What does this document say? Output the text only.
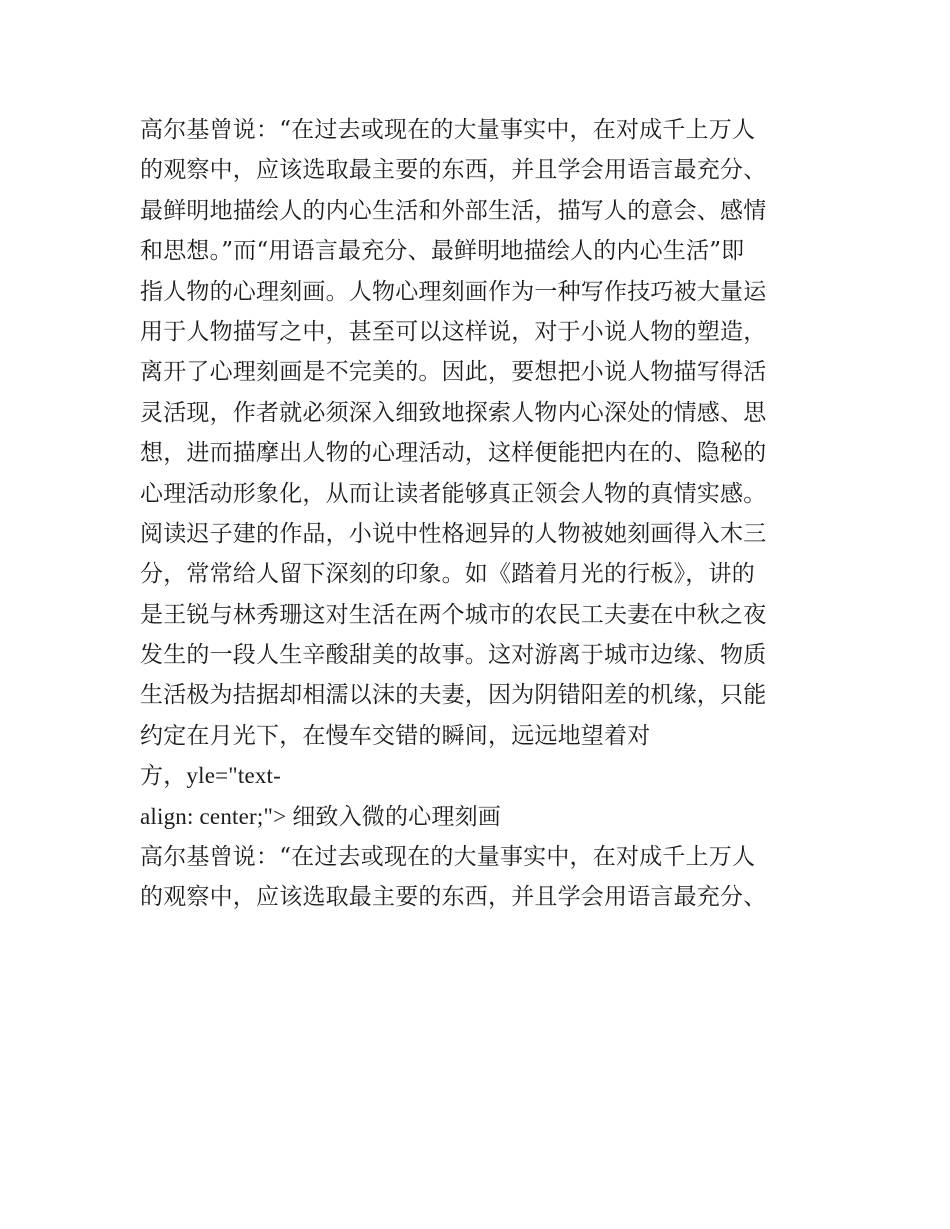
高尔基曾说：“在过去或现在的大量事实中，在对成千上万人
的观察中，应该选取最主要的东西，并且学会用语言最充分、
最鲜明地描绘人的内心生活和外部生活，描写人的意会、感情
和思想。”而“用语言最充分、最鲜明地描绘人的内心生活”即
指人物的心理刻画。人物心理刻画作为一种写作技巧被大量运
用于人物描写之中，甚至可以这样说，对于小说人物的塑造，
离开了心理刻画是不完美的。因此，要想把小说人物描写得活
灵活现，作者就必须深入细致地探索人物内心深处的情感、思
想，进而描摩出人物的心理活动，这样便能把内在的、隐秘的
心理活动形象化，从而让读者能够真正领会人物的真情实感。
阅读迟子建的作品，小说中性格迥异的人物被她刻画得入木三
分，常常给人留下深刻的印象。如《踏着月光的行板》，讲的
是王锐与林秀珊这对生活在两个城市的农民工夫妻在中秋之夜
发生的一段人生辛酸甜美的故事。这对游离于城市边缘、物质
生活极为拮据却相濡以沫的夫妻，因为阴错阳差的机缘，只能
约定在月光下，在慢车交错的瞬间，远远地望着对
方，yle="text-
align: center;"> 细致入微的心理刻画
高尔基曾说：“在过去或现在的大量事实中，在对成千上万人
的观察中，应该选取最主要的东西，并且学会用语言最充分、
